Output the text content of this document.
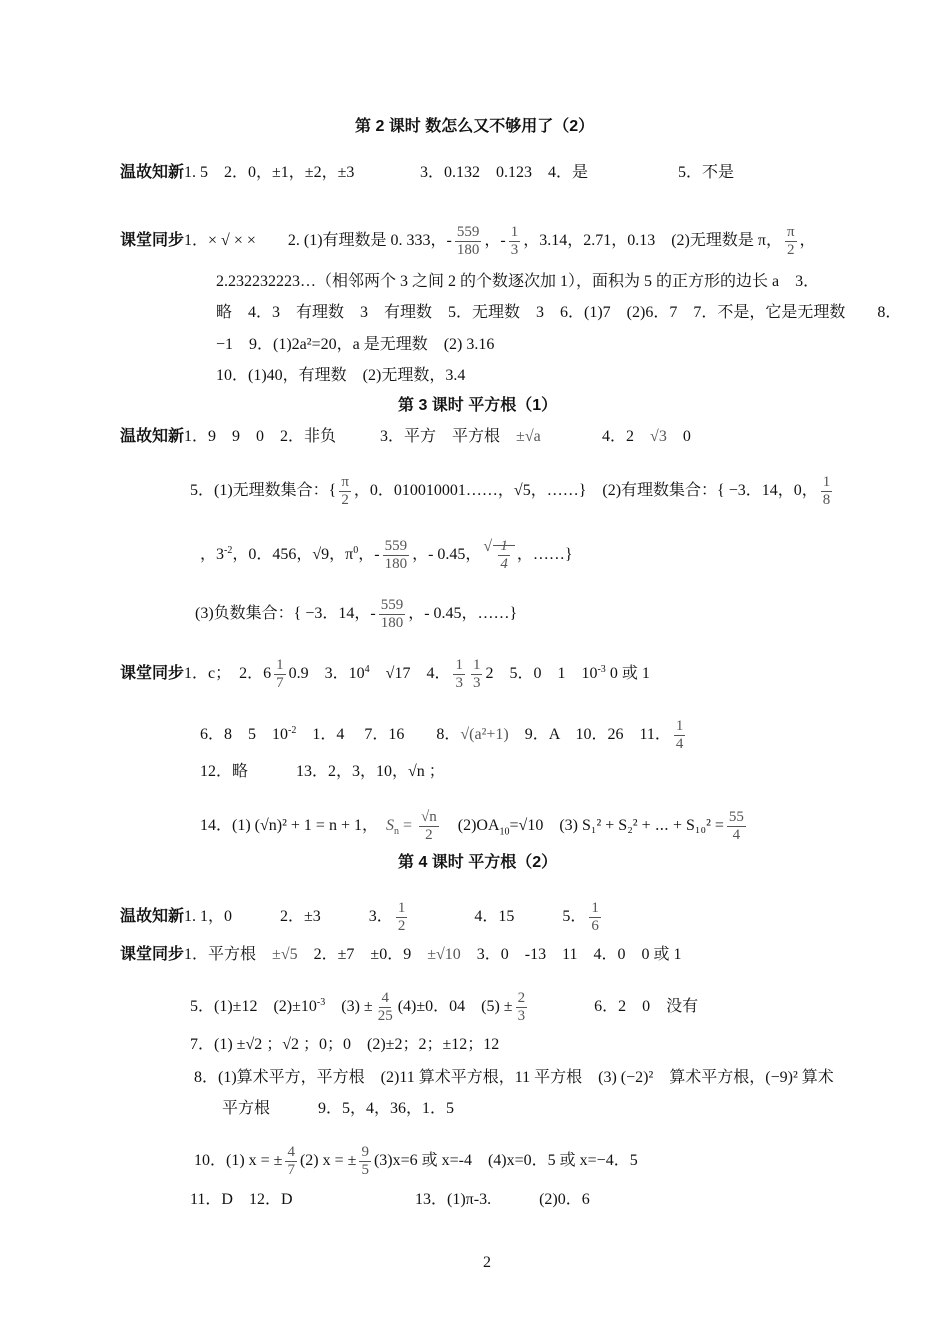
第 2 课时 数怎么又不够用了（2）
温故知新1. 5　2．0，±1，±2，±3	3．0.132　0.123　4．是	5．不是
课堂同步1．× √ × ×　　2. (1)有理数是 0. 333，- $\frac{559}{180}$ ，- $\frac{1}{3}$ ，3.14，2.71，0.13　(2)无理数是 π， $\frac{\pi}{2}$ ，
2.232232223…（相邻两个 3 之间 2 的个数逐次加 1），面积为 5 的正方形的边长 a　3．
略　4．3　有理数　3　有理数　5．无理数　3　6．(1)7　(2)6．7　7．不是，它是无理数　　8．
−1　9．(1)2a²=20，a 是无理数　(2) 3.16
10．(1)40，有理数　(2)无理数，3.4
第 3 课时 平方根（1）
温故知新1．9　9　0　2．非负	3．平方　平方根　 ±√a	4．2　 √3　 0
5．(1)无理数集合：{ $\frac{\pi}{2}$ ，0．010010001……，√5，……}　(2)有理数集合：{ −3．14，0， $\frac{1}{8}$
，$3^{-2}$，0．456，√9，$\pi^0$，- $\frac{559}{180}$ ，- 0.45，
√ $\frac{1}{4}$ ，……}
(3)负数集合：{ −3．14，- $\frac{559}{180}$ ，- 0.45，……}
课堂同步1．c；　2．$6 \frac{1}{7} 0.9$　3．$10^4$　 √17　4． $\frac{1}{3} \frac{1}{3} 2$　5．0　1　$10^{-3}$ 0 或 1
6．8　5　$10^{-2}$　 1．4　 7．16　　8．√(a²+1)　 9．A　10．26　11． $\frac{1}{4}$
12．略　　　13．2，3，10，√n ；
14．(1) (√n)² + 1 = n + 1，　 $S_n = \frac{√n}{2}$
　 $(2)OA_{10}=√10$　(3) S₁² + S₂² + ⋯ + $S_{10}^2 = \frac{55}{4}$
第 4 课时 平方根（2）
温故知新1. 1，0　　　2．±3　　　3． $\frac{1}{2}$
　　　　	4．15　　　5． $\frac{1}{6}$
课堂同步1．平方根　 ±√5　 2．±7　±0．9　 ±√10　 3．0　-13　11　4．0　0 或 1
5．(1)±12　$(2)\pm 10^{-3}$　 $(3) \pm \frac{4}{25} (4)\pm 0$．04　$(5) \pm \frac{2}{3}$
　　　　	6．2　0　没有
7．(1) ±√2 ；√2 ；0；0　(2)±2；2；±12；12
8．(1)算术平方，平方根　(2)11 算术平方根，11 平方根　(3) (−2)²　算术平方根，(−9)² 算术
平方根　　　9．5，4，36，1．5
10．(1) x = ± $\frac{4}{7} (2) x$ = ± $\frac{9}{5} (3)x=6$ 或 x=-4　(4)x=0．5 或 x=−4．5
11．D　12．D	13．(1)π-3.　　　(2)0．6
2
